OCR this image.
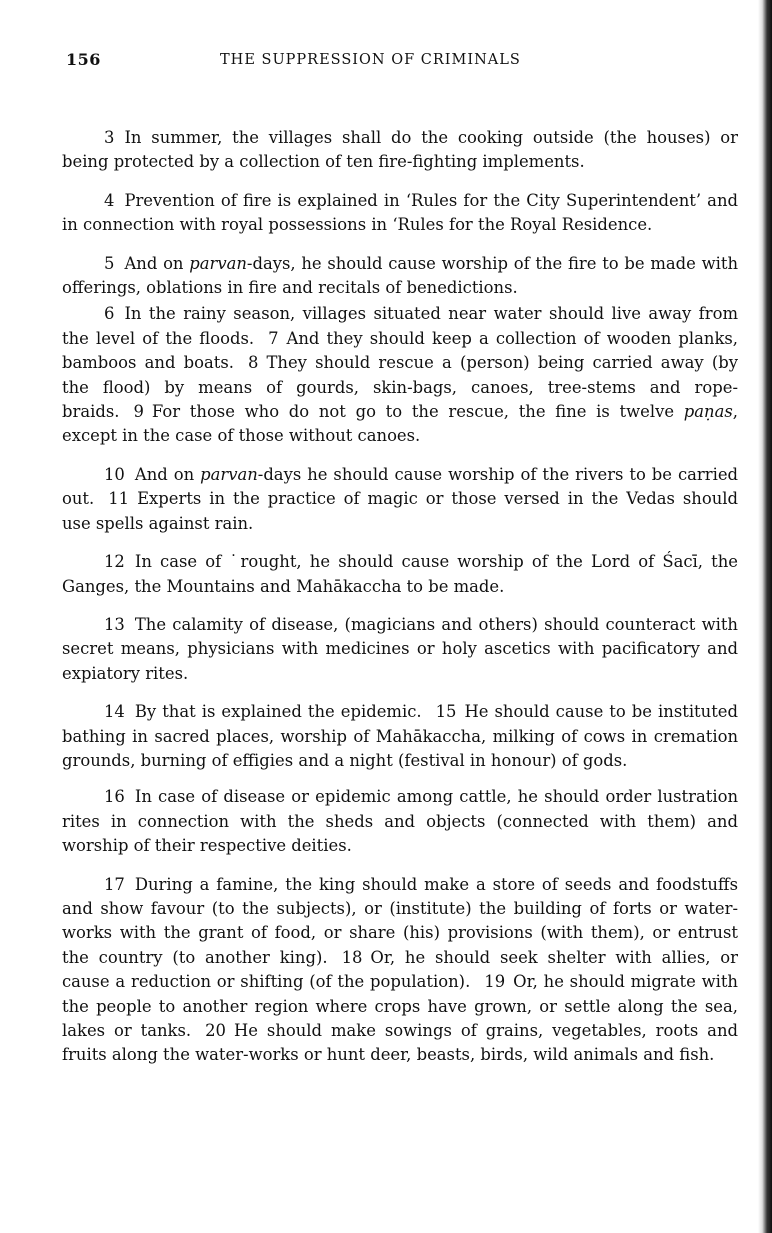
156	THE SUPPRESSION OF CRIMINALS

3 In summer, the villages shall do the cooking outside (the houses) or being protected by a collection of ten fire-fighting implements.

4 Prevention of fire is explained in ‘Rules for the City Superintendent’ and in connection with royal possessions in ‘Rules for the Royal Residence.

5 And on parvan-days, he should cause worship of the fire to be made with offerings, oblations in fire and recitals of benedictions.

6 In the rainy season, villages situated near water should live away from the level of the floods. 7 And they should keep a collection of wooden planks, bamboos and boats. 8 They should rescue a (person) being carried away (by the flood) by means of gourds, skin-bags, canoes, tree-stems and rope-braids. 9 For those who do not go to the rescue, the fine is twelve paṇas, except in the case of those without canoes.

10 And on parvan-days he should cause worship of the rivers to be carried out. 11 Experts in the practice of magic or those versed in the Vedas should use spells against rain.

12 In case of ˙rought, he should cause worship of the Lord of Śacī, the Ganges, the Mountains and Mahākaccha to be made.

13 The calamity of disease, (magicians and others) should counteract with secret means, physicians with medicines or holy ascetics with pacificatory and expiatory rites.

14 By that is explained the epidemic. 15 He should cause to be instituted bathing in sacred places, worship of Mahākaccha, milking of cows in cremation grounds, burning of effigies and a night (festival in honour) of gods.

16 In case of disease or epidemic among cattle, he should order lustration rites in connection with the sheds and objects (connected with them) and worship of their respective deities.

17 During a famine, the king should make a store of seeds and foodstuffs and show favour (to the subjects), or (institute) the building of forts or water-works with the grant of food, or share (his) provisions (with them), or entrust the country (to another king). 18 Or, he should seek shelter with allies, or cause a reduction or shifting (of the population). 19 Or, he should migrate with the people to another region where crops have grown, or settle along the sea, lakes or tanks. 20 He should make sowings of grains, vegetables, roots and fruits along the water-works or hunt deer, beasts, birds, wild animals and fish.
